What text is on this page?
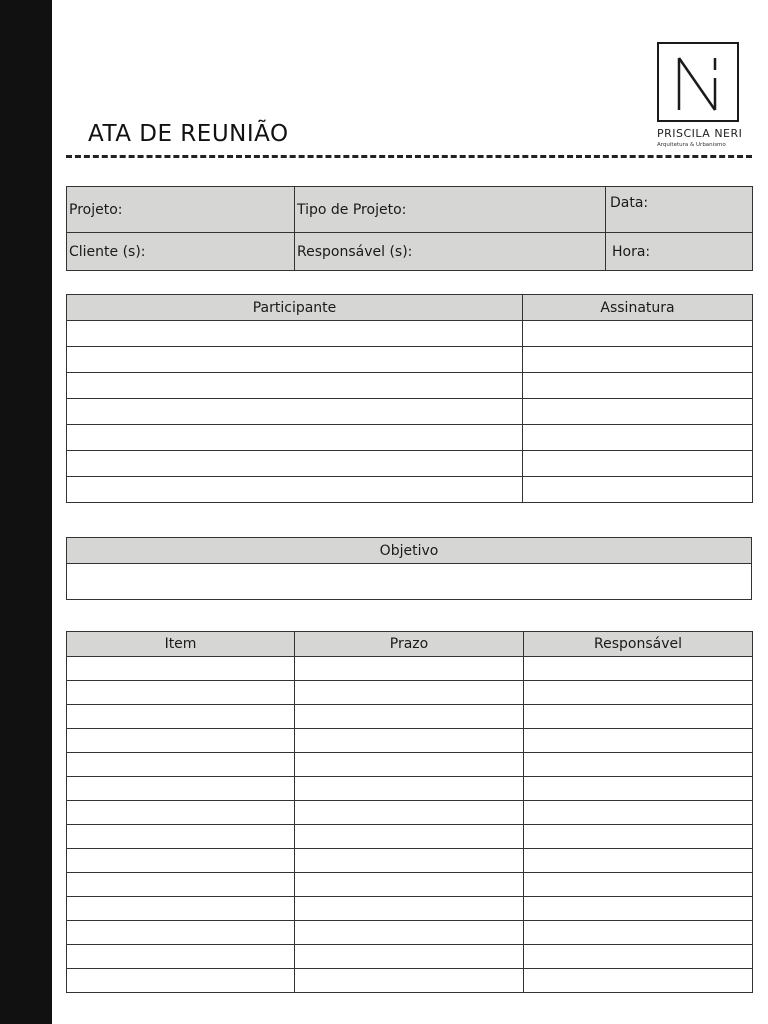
PRISCILA NERI
Arquitetura & Urbanismo
ATA DE REUNIÃO
Projeto:	Tipo de Projeto:	Data:
Cliente (s):	Responsável (s):	Hora:
Participante	Assinatura

Objetivo

Item	Prazo	Responsável
